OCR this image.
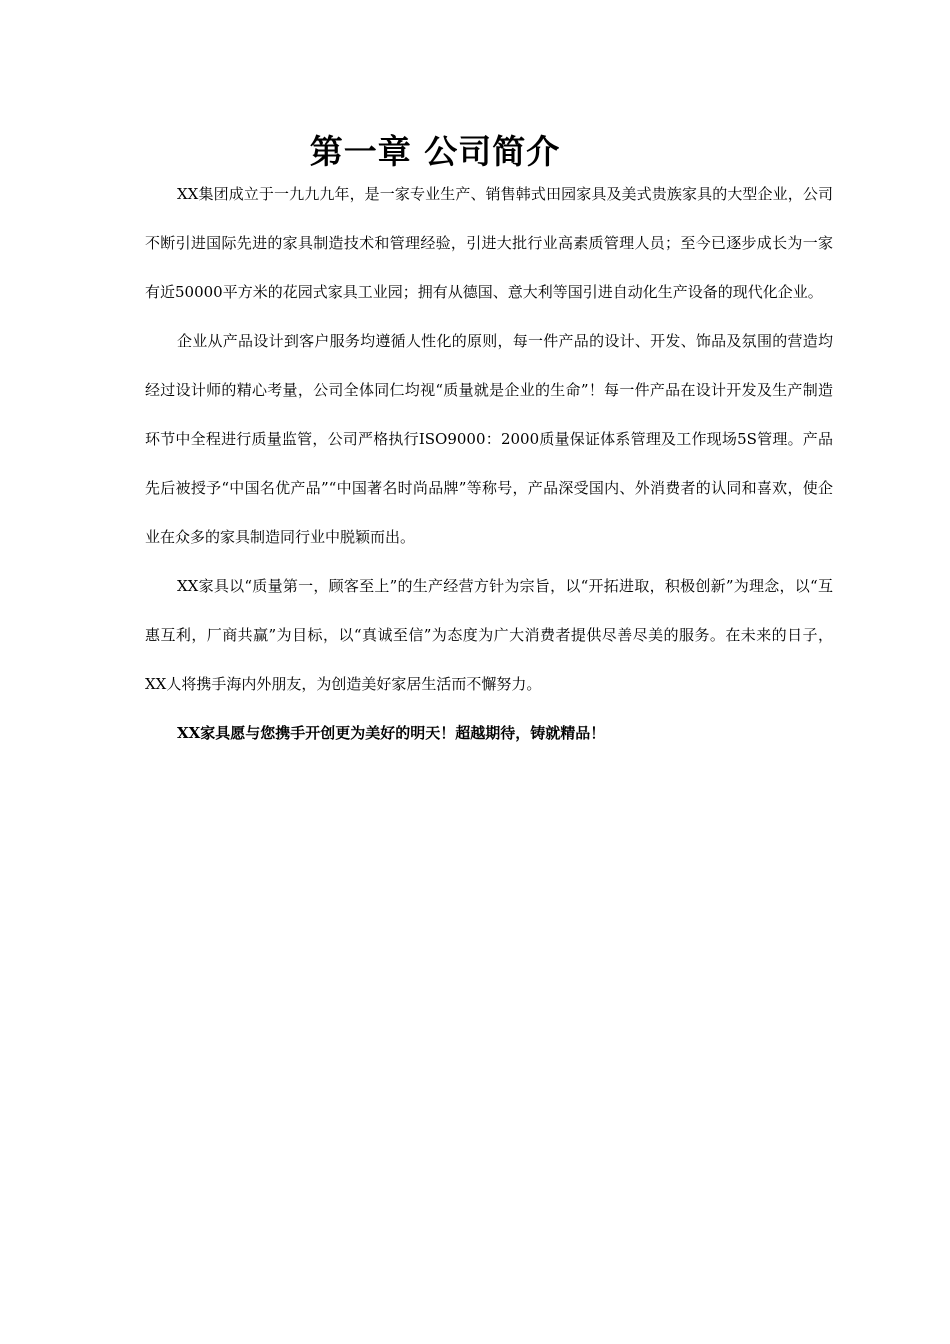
第一章 公司简介

XX集团成立于一九九九年，是一家专业生产、销售韩式田园家具及美式贵族家具的大型企业，公司不断引进国际先进的家具制造技术和管理经验，引进大批行业高素质管理人员；至今已逐步成长为一家有近50000平方米的花园式家具工业园；拥有从德国、意大利等国引进自动化生产设备的现代化企业。

企业从产品设计到客户服务均遵循人性化的原则，每一件产品的设计、开发、饰品及氛围的营造均经过设计师的精心考量，公司全体同仁均视“质量就是企业的生命”！每一件产品在设计开发及生产制造环节中全程进行质量监管，公司严格执行ISO9000：2000质量保证体系管理及工作现场5S管理。产品先后被授予“中国名优产品”“中国著名时尚品牌”等称号，产品深受国内、外消费者的认同和喜欢，使企业在众多的家具制造同行业中脱颖而出。

XX家具以“质量第一，顾客至上”的生产经营方针为宗旨，以“开拓进取，积极创新”为理念，以“互惠互利，厂商共赢”为目标，以“真诚至信”为态度为广大消费者提供尽善尽美的服务。在未来的日子，XX人将携手海内外朋友，为创造美好家居生活而不懈努力。

XX家具愿与您携手开创更为美好的明天！超越期待，铸就精品！
